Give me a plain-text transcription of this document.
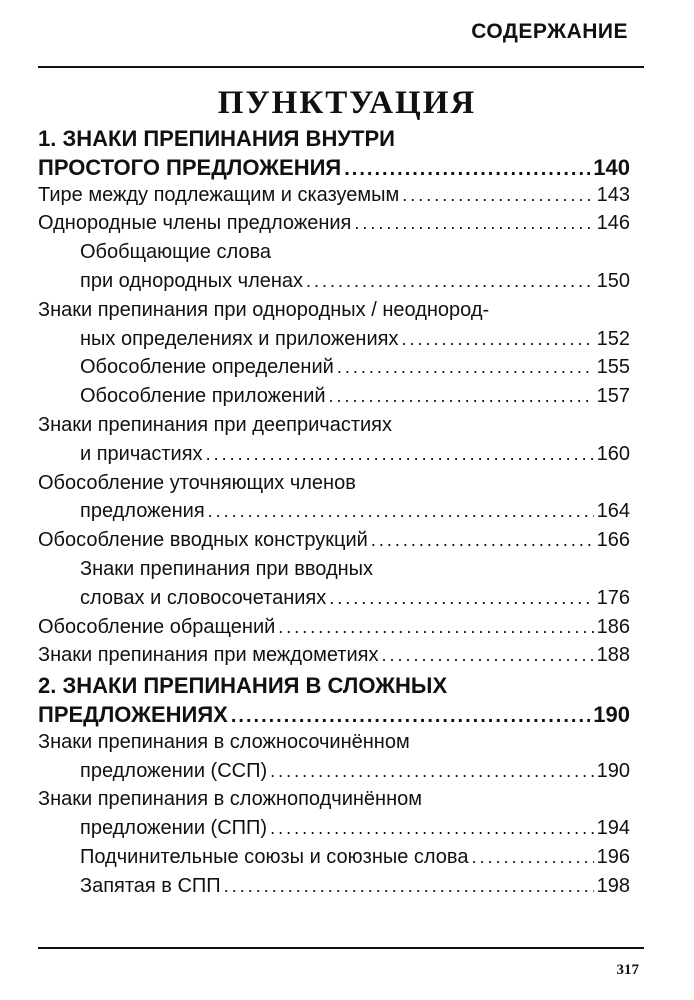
СОДЕРЖАНИЕ
ПУНКТУАЦИЯ
1. ЗНАКИ ПРЕПИНАНИЯ ВНУТРИ
ПРОСТОГО ПРЕДЛОЖЕНИЯ .....	140
Тире между подлежащим и сказуемым .....	143
Однородные члены предложения .....	146
Обобщающие слова
при однородных членах .....	150
Знаки препинания при однородных / неоднород-
ных определениях и приложениях .....	152
Обособление определений .....	155
Обособление приложений .....	157
Знаки препинания при деепричастиях
и причастиях .....	160
Обособление уточняющих членов
предложения .....	164
Обособление вводных конструкций .....	166
Знаки препинания при вводных
словах и словосочетаниях .....	176
Обособление обращений .....	186
Знаки препинания при междометиях .....	188
2. ЗНАКИ ПРЕПИНАНИЯ В СЛОЖНЫХ
ПРЕДЛОЖЕНИЯХ .....	190
Знаки препинания в сложносочинённом
предложении (ССП) .....	190
Знаки препинания в сложноподчинённом
предложении (СПП) .....	194
Подчинительные союзы и союзные слова .....	196
Запятая в СПП .....	198
317
